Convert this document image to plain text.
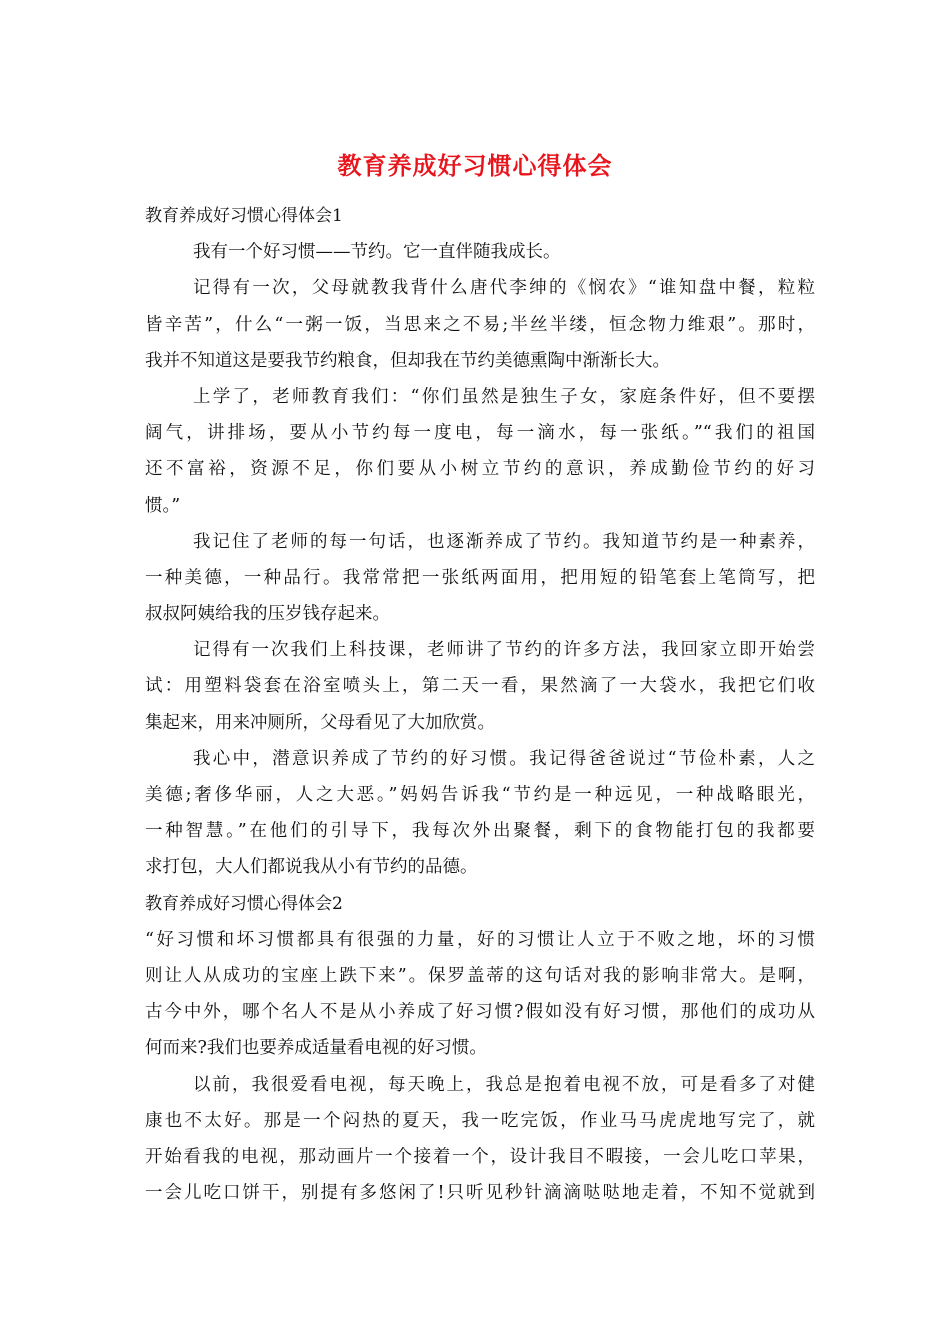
教育养成好习惯心得体会
教育养成好习惯心得体会1
我有一个好习惯——节约。它一直伴随我成长。
记得有一次，父母就教我背什么唐代李绅的《悯农》“谁知盘中餐，粒粒
皆辛苦”，什么“一粥一饭，当思来之不易;半丝半缕，恒念物力维艰”。那时，
我并不知道这是要我节约粮食，但却我在节约美德熏陶中渐渐长大。
上学了，老师教育我们：“你们虽然是独生子女，家庭条件好，但不要摆
阔气，讲排场，要从小节约每一度电，每一滴水，每一张纸。”“我们的祖国
还不富裕，资源不足，你们要从小树立节约的意识，养成勤俭节约的好习
惯。”
我记住了老师的每一句话，也逐渐养成了节约。我知道节约是一种素养，
一种美德，一种品行。我常常把一张纸两面用，把用短的铅笔套上笔筒写，把
叔叔阿姨给我的压岁钱存起来。
记得有一次我们上科技课，老师讲了节约的许多方法，我回家立即开始尝
试：用塑料袋套在浴室喷头上，第二天一看，果然滴了一大袋水，我把它们收
集起来，用来冲厕所，父母看见了大加欣赏。
我心中，潜意识养成了节约的好习惯。我记得爸爸说过“节俭朴素，人之
美德;奢侈华丽，人之大恶。”妈妈告诉我“节约是一种远见，一种战略眼光，
一种智慧。”在他们的引导下，我每次外出聚餐，剩下的食物能打包的我都要
求打包，大人们都说我从小有节约的品德。
教育养成好习惯心得体会2
“好习惯和坏习惯都具有很强的力量，好的习惯让人立于不败之地，坏的习惯
则让人从成功的宝座上跌下来”。保罗盖蒂的这句话对我的影响非常大。是啊，
古今中外，哪个名人不是从小养成了好习惯?假如没有好习惯，那他们的成功从
何而来?我们也要养成适量看电视的好习惯。
以前，我很爱看电视，每天晚上，我总是抱着电视不放，可是看多了对健
康也不太好。那是一个闷热的夏天，我一吃完饭，作业马马虎虎地写完了，就
开始看我的电视，那动画片一个接着一个，设计我目不暇接，一会儿吃口苹果，
一会儿吃口饼干，别提有多悠闲了!只听见秒针滴滴哒哒地走着，不知不觉就到
